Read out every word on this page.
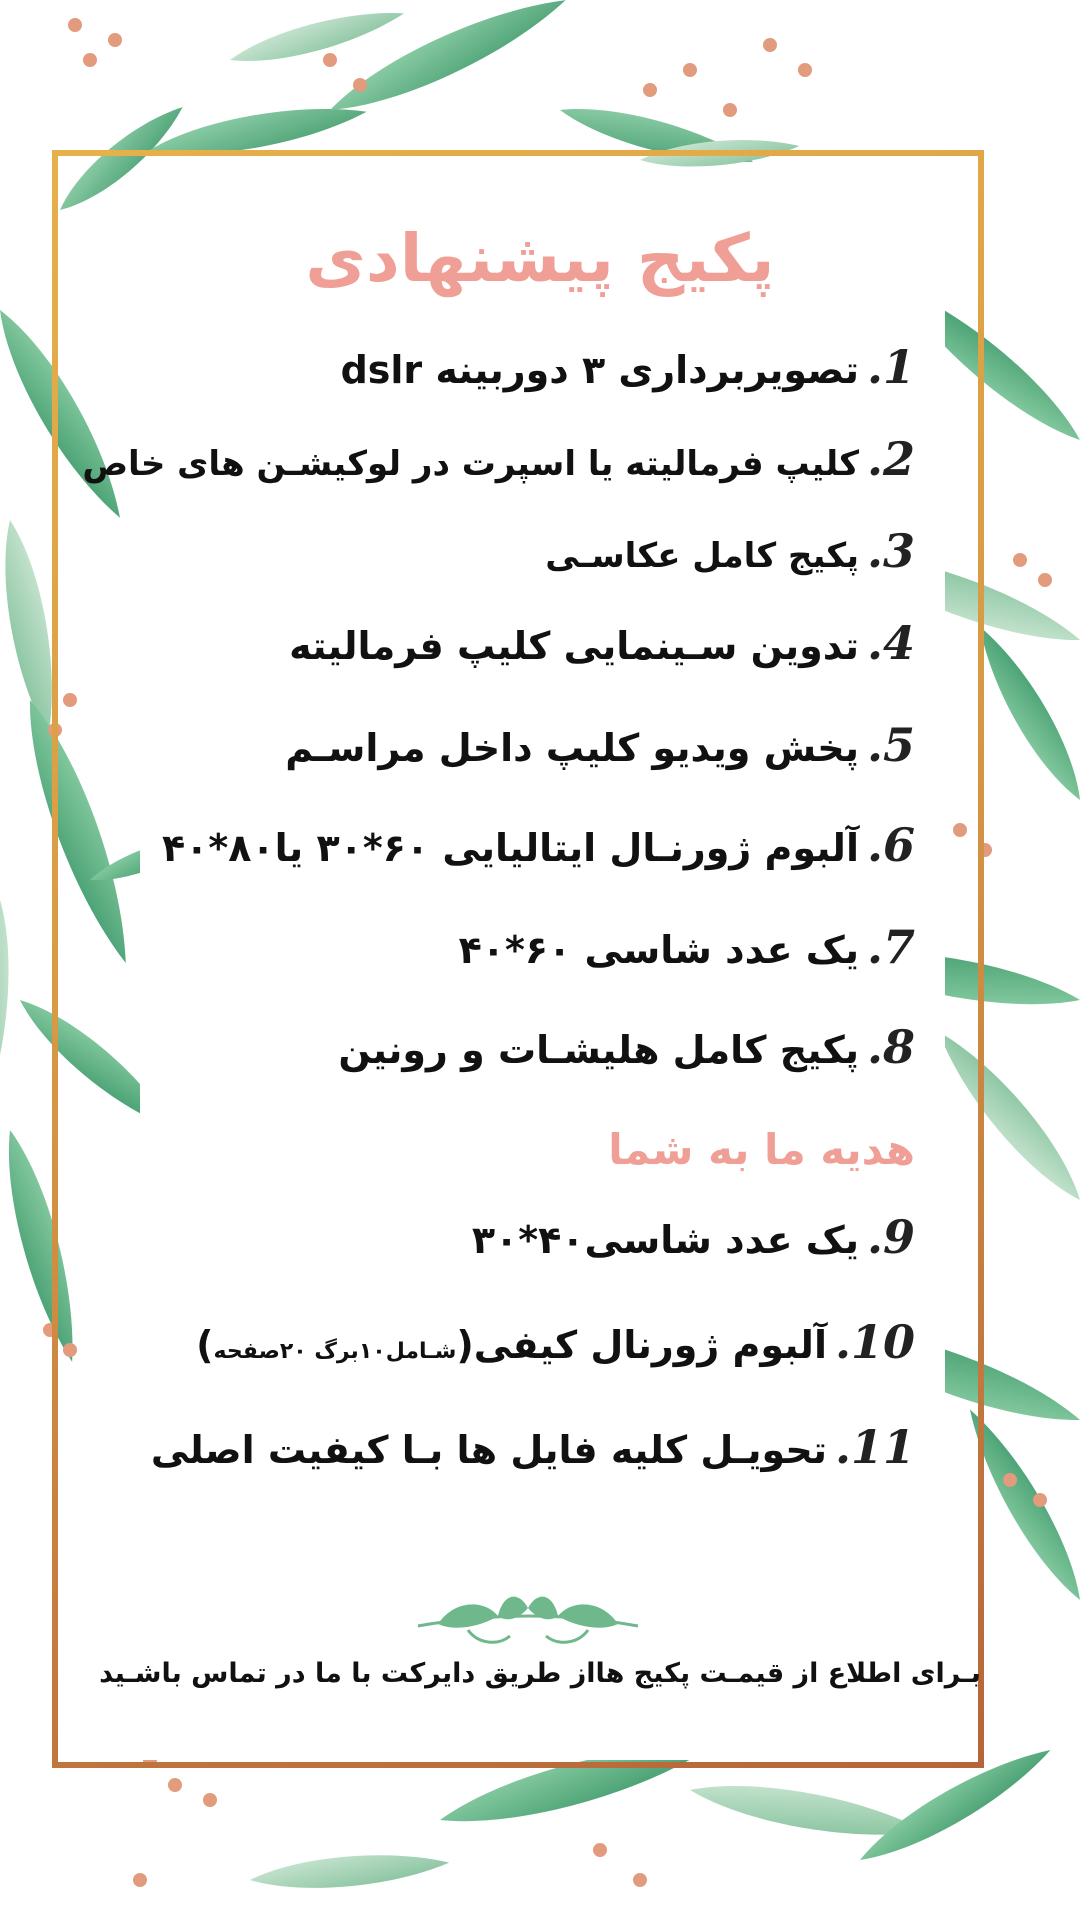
پکیج پیشنهادی
1.
تصویربرداری ۳ دوربینه dslr
2.
کلیپ فرمالیته یا اسپرت در لوکیشـن های خاص
3.
پکیج کامل عکاسـی
4.
تدوین سـینمایی کلیپ فرمالیته
5.
پخش ویدیو کلیپ داخل مراسـم
6.
آلبوم ژورنـال ایتالیایی ۶۰*۳۰ یا۸۰*۴۰
7.
یک عدد شاسی ۶۰*۴۰
8.
پکیج کامل هلیشـات و رونین
هدیه ما به شما
9.
یک عدد شاسی۴۰*۳۰
10.
آلبوم ژورنال کیفی(شـامل۱۰برگ ۲۰صفحه)
11.
تحویـل کلیه فایل ها بـا کیفیت اصلی
بـرای اطلاع از قیمـت پکیج هااز طریق دایرکت با ما در تماس باشـید
